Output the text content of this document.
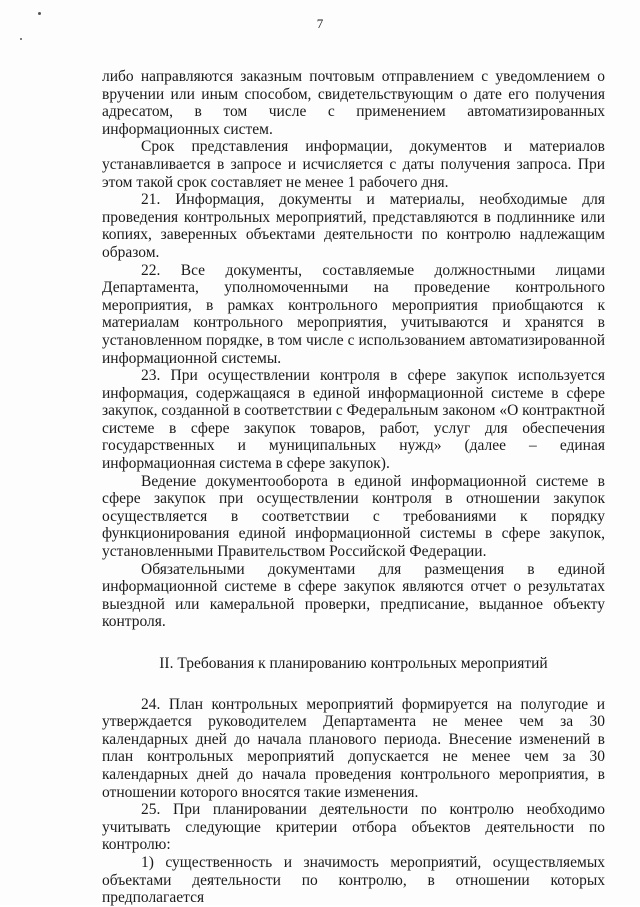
7

либо направляются заказным почтовым отправлением с уведомлением о вручении или иным способом, свидетельствующим о дате его получения адресатом, в том числе с применением автоматизированных информационных систем.

Срок представления информации, документов и материалов устанавливается в запросе и исчисляется с даты получения запроса. При этом такой срок составляет не менее 1 рабочего дня.

21. Информация, документы и материалы, необходимые для проведения контрольных мероприятий, представляются в подлиннике или копиях, заверенных объектами деятельности по контролю надлежащим образом.

22. Все документы, составляемые должностными лицами Департамента, уполномоченными на проведение контрольного мероприятия, в рамках контрольного мероприятия приобщаются к материалам контрольного мероприятия, учитываются и хранятся в установленном порядке, в том числе с использованием автоматизированной информационной системы.

23. При осуществлении контроля в сфере закупок используется информация, содержащаяся в единой информационной системе в сфере закупок, созданной в соответствии с Федеральным законом «О контрактной системе в сфере закупок товаров, работ, услуг для обеспечения государственных и муниципальных нужд» (далее – единая информационная система в сфере закупок).

Ведение документооборота в единой информационной системе в сфере закупок при осуществлении контроля в отношении закупок осуществляется в соответствии с требованиями к порядку функционирования единой информационной системы в сфере закупок, установленными Правительством Российской Федерации.

Обязательными документами для размещения в единой информационной системе в сфере закупок являются отчет о результатах выездной или камеральной проверки, предписание, выданное объекту контроля.

II. Требования к планированию контрольных мероприятий

24. План контрольных мероприятий формируется на полугодие и утверждается руководителем Департамента не менее чем за 30 календарных дней до начала планового периода. Внесение изменений в план контрольных мероприятий допускается не менее чем за 30 календарных дней до начала проведения контрольного мероприятия, в отношении которого вносятся такие изменения.

25. При планировании деятельности по контролю необходимо учитывать следующие критерии отбора объектов деятельности по контролю:

1) существенность и значимость мероприятий, осуществляемых объектами деятельности по контролю, в отношении которых предполагается
